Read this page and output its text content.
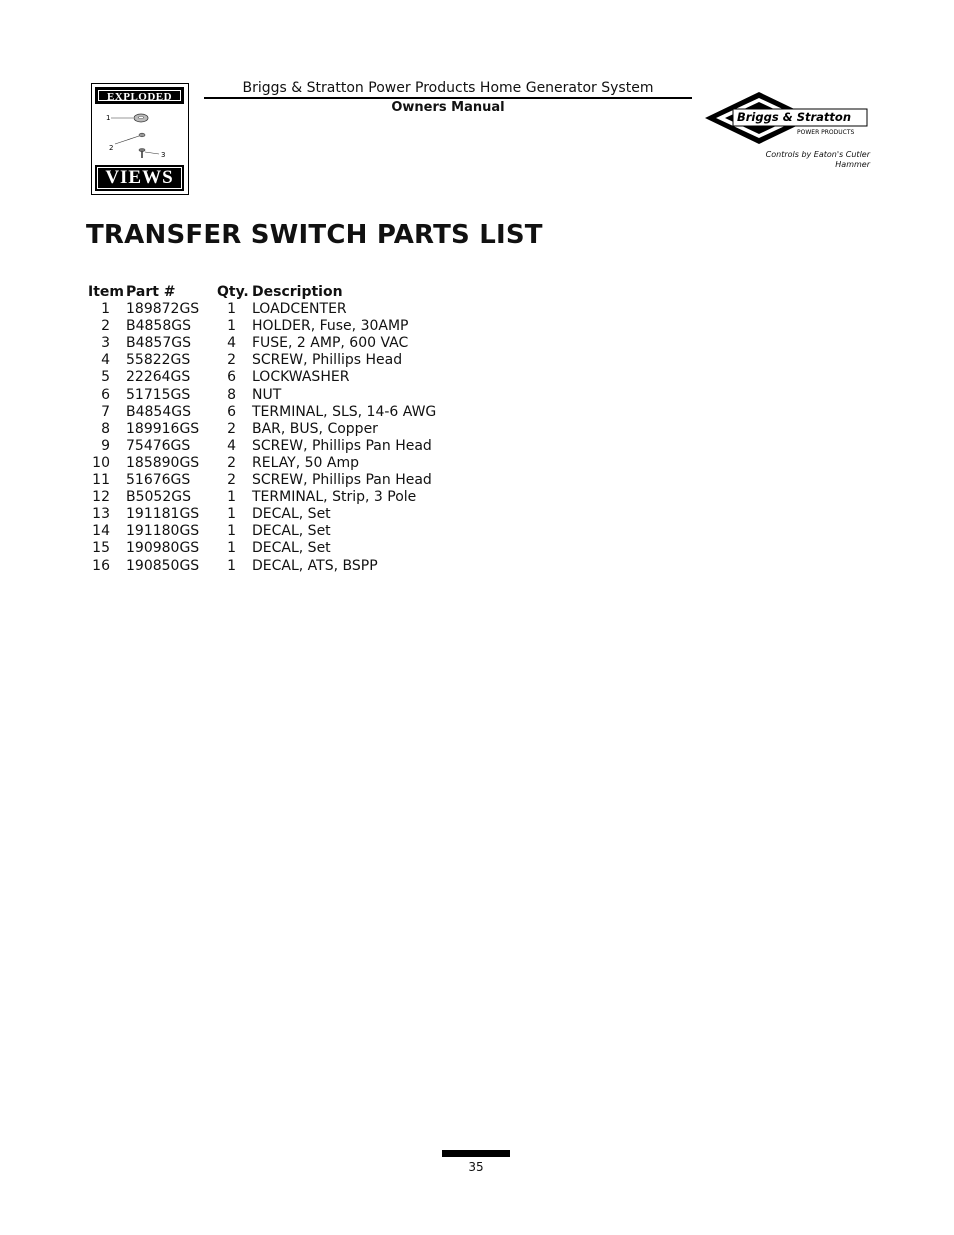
EXPLODED
1
2
3
VIEWS
Briggs & Stratton Power Products Home Generator System
Owners Manual
Briggs & Stratton
POWER PRODUCTS
Controls by Eaton's Cutler Hammer
TRANSFER SWITCH PARTS LIST
Item Part #	Qty. Description
1 189872GS	1 LOADCENTER
2 B4858GS	1 HOLDER, Fuse, 30AMP
3 B4857GS	4 FUSE, 2 AMP, 600 VAC
4 55822GS	2 SCREW, Phillips Head
5 22264GS	6 LOCKWASHER
6 51715GS	8 NUT
7 B4854GS	6 TERMINAL, SLS, 14-6 AWG
8 189916GS	2 BAR, BUS, Copper
9 75476GS	4 SCREW, Phillips Pan Head
10 185890GS	2 RELAY, 50 Amp
11 51676GS	2 SCREW, Phillips Pan Head
12 B5052GS	1 TERMINAL, Strip, 3 Pole
13 191181GS	1 DECAL, Set
14 191180GS	1 DECAL, Set
15 190980GS	1 DECAL, Set
16 190850GS	1 DECAL, ATS, BSPP
35
